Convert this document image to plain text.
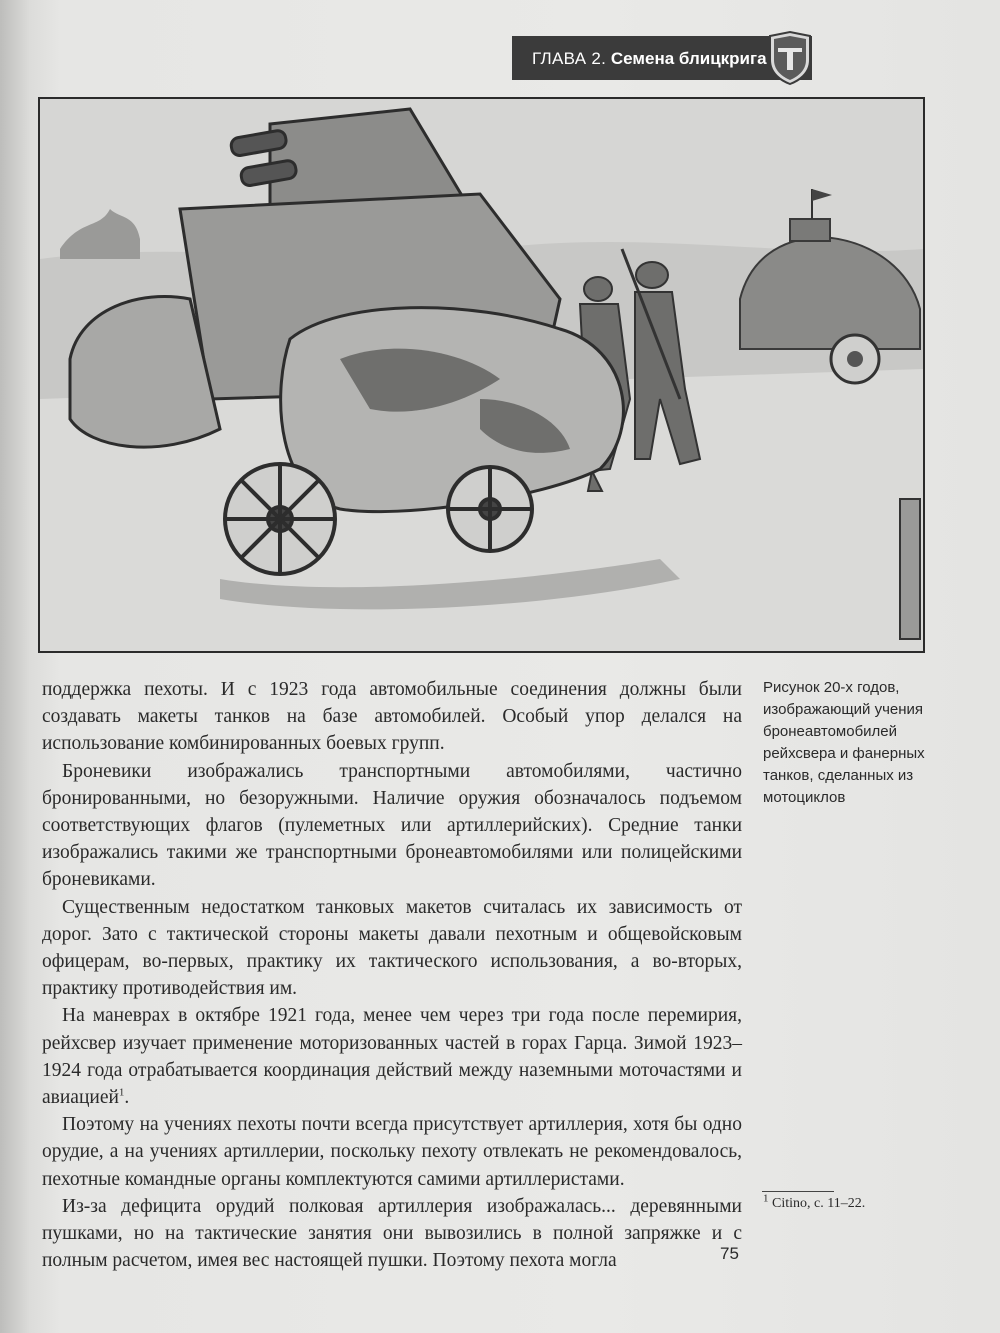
ГЛАВА 2. Семена блицкрига

поддержка пехоты. И с 1923 года автомобильные соединения должны были создавать макеты танков на базе автомобилей. Особый упор делался на использование комбинированных боевых групп.

Броневики изображались транспортными автомобилями, частично бронированными, но безоружными. Наличие оружия обозначалось подъемом соответствующих флагов (пулеметных или артиллерийских). Средние танки изображались такими же транспортными бронеавтомобилями или полицейскими броневиками.

Существенным недостатком танковых макетов считалась их зависимость от дорог. Зато с тактической стороны макеты давали пехотным и общевойсковым офицерам, во-первых, практику их тактического использования, а во-вторых, практику противодействия им.

На маневрах в октябре 1921 года, менее чем через три года после перемирия, рейхсвер изучает применение моторизованных частей в горах Гарца. Зимой 1923–1924 года отрабатывается координация действий между наземными моточастями и авиацией$^1$.

Поэтому на учениях пехоты почти всегда присутствует артиллерия, хотя бы одно орудие, а на учениях артиллерии, поскольку пехоту отвлекать не рекомендовалось, пехотные командные органы комплектуются самими артиллеристами.

Из-за дефицита орудий полковая артиллерия изображалась... деревянными пушками, но на тактические занятия они вывозились в полной запряжке и с полным расчетом, имея вес настоящей пушки. Поэтому пехота могла

Рисунок 20-х годов, изображающий учения бронеавтомобилей рейхсвера и фанерных танков, сделанных из мотоциклов
$^1$ Citino, с. 11–22.
75
